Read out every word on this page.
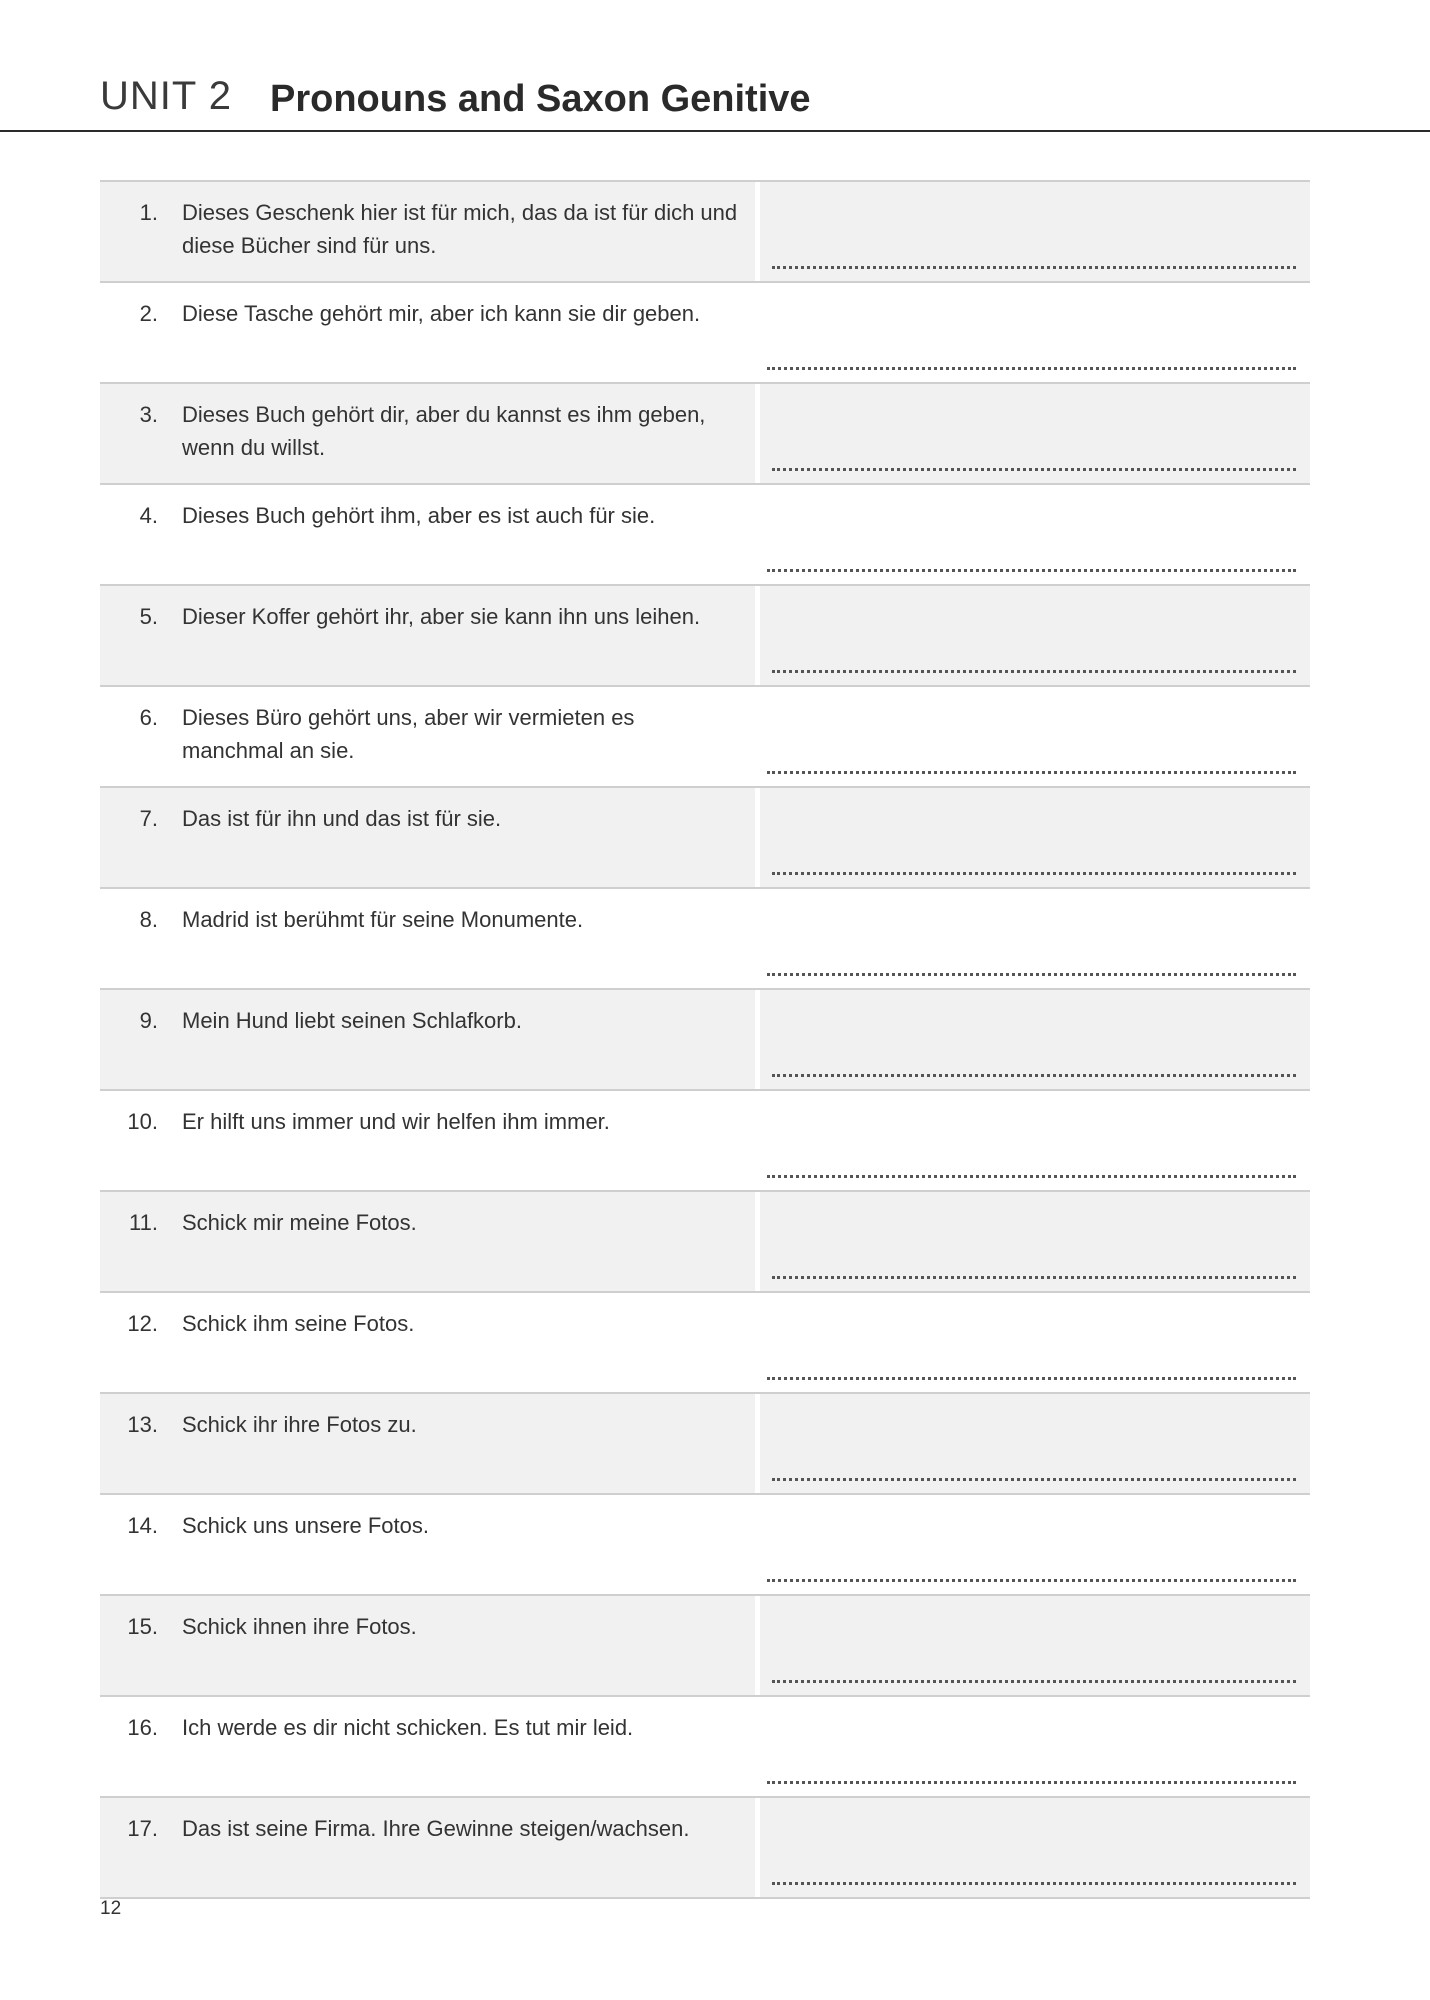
UNIT 2 Pronouns and Saxon Genitive
1. Dieses Geschenk hier ist für mich, das da ist für dich und diese Bücher sind für uns.
2. Diese Tasche gehört mir, aber ich kann sie dir geben.
3. Dieses Buch gehört dir, aber du kannst es ihm geben, wenn du willst.
4. Dieses Buch gehört ihm, aber es ist auch für sie.
5. Dieser Koffer gehört ihr, aber sie kann ihn uns leihen.
6. Dieses Büro gehört uns, aber wir vermieten es manchmal an sie.
7. Das ist für ihn und das ist für sie.
8. Madrid ist berühmt für seine Monumente.
9. Mein Hund liebt seinen Schlafkorb.
10. Er hilft uns immer und wir helfen ihm immer.
11. Schick mir meine Fotos.
12. Schick ihm seine Fotos.
13. Schick ihr ihre Fotos zu.
14. Schick uns unsere Fotos.
15. Schick ihnen ihre Fotos.
16. Ich werde es dir nicht schicken. Es tut mir leid.
17. Das ist seine Firma. Ihre Gewinne steigen/wachsen.
12
